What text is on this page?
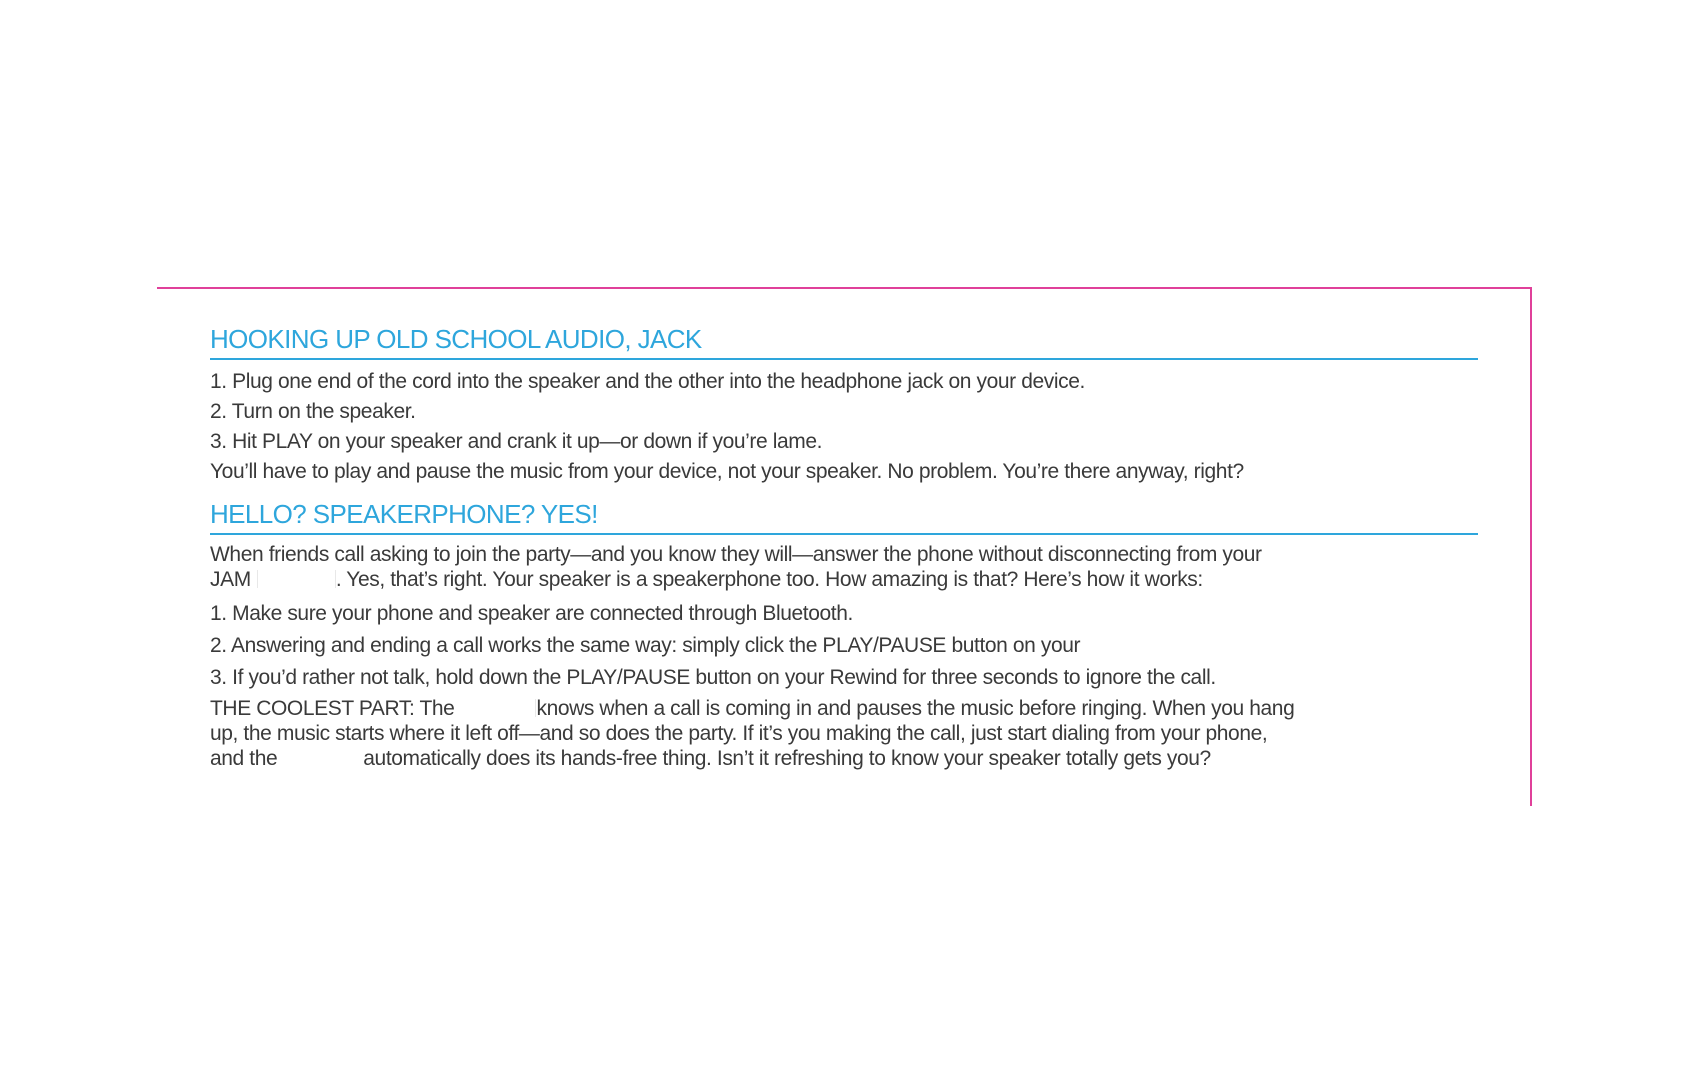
HOOKING UP OLD SCHOOL AUDIO, JACK

1. Plug one end of the cord into the speaker and the other into the headphone jack on your device.

2. Turn on the speaker.

3. Hit PLAY on your speaker and crank it up—or down if you’re lame.

You’ll have to play and pause the music from your device, not your speaker. No problem. You’re there anyway, right?

HELLO? SPEAKERPHONE? YES!
When friends call asking to join the party—and you know they will—answer the phone without disconnecting from your
JAM	. Yes, that’s right. Your speaker is a speakerphone too. How amazing is that? Here’s how it works:

1. Make sure your phone and speaker are connected through Bluetooth.

2. Answering and ending a call works the same way: simply click the PLAY/PAUSE button on your

3. If you’d rather not talk, hold down the PLAY/PAUSE button on your Rewind for three seconds to ignore the call.

THE COOLEST PART: The	knows when a call is coming in and pauses the music before ringing. When you hang
up, the music starts where it left off—and so does the party. If it’s you making the call, just start dialing from your phone,
and the	automatically does its hands-free thing. Isn’t it refreshing to know your speaker totally gets you?
